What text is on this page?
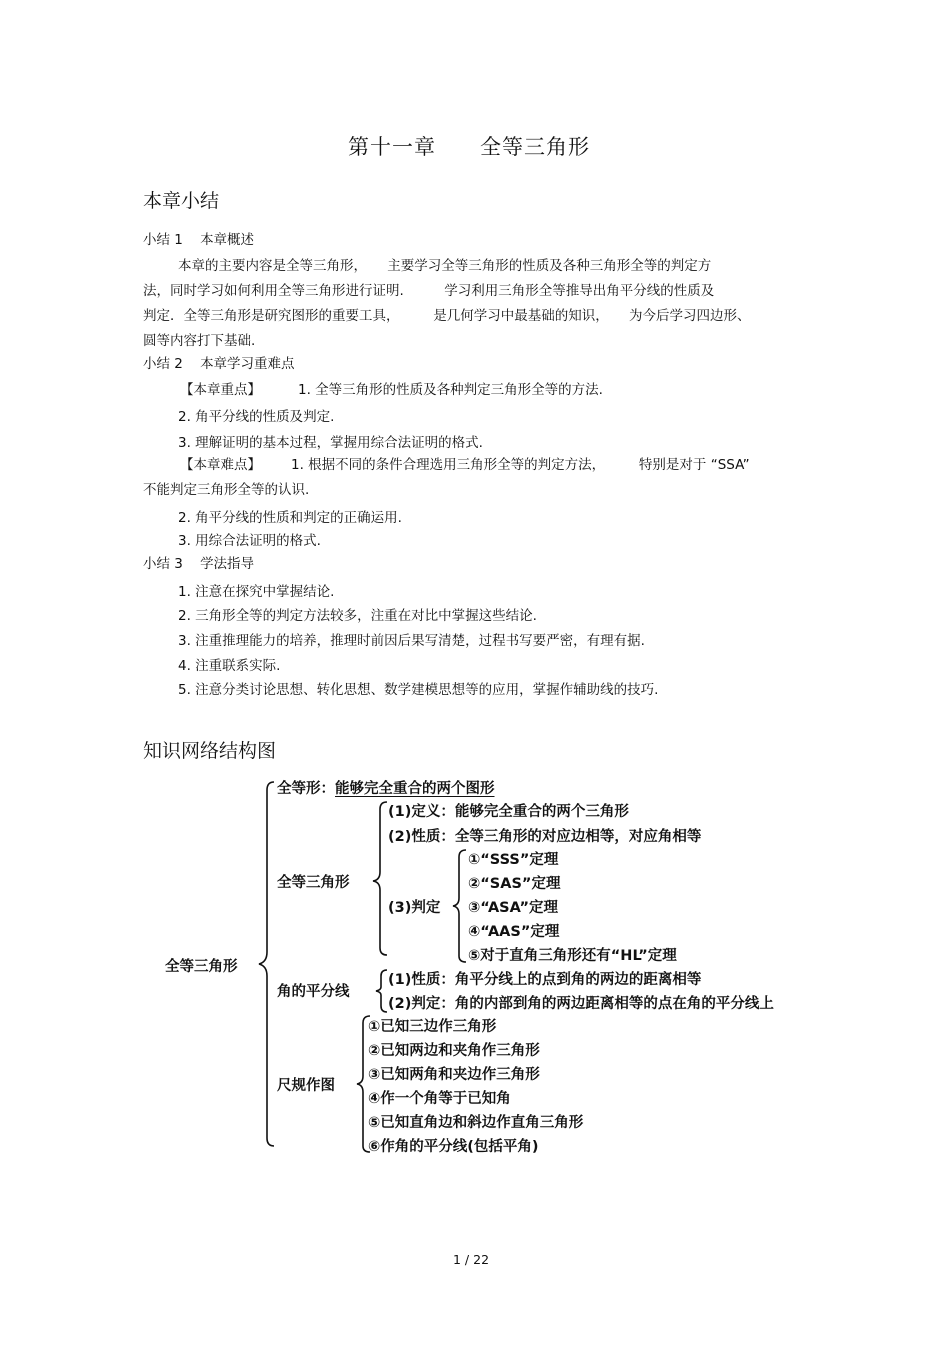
第十一章　　全等三角形
本章小结
小结 1 本章概述
本章的主要内容是全等三角形，　　主要学习全等三角形的性质及各种三角形全等的判定方
法，同时学习如何利用全等三角形进行证明.　　　学习利用三角形全等推导出角平分线的性质及
判定．全等三角形是研究图形的重要工具，　　　是几何学习中最基础的知识，　　为今后学习四边形、
圆等内容打下基础.
小结 2 本章学习重难点
【本章重点】	1. 全等三角形的性质及各种判定三角形全等的方法.
2. 角平分线的性质及判定.
3. 理解证明的基本过程，掌握用综合法证明的格式.
【本章难点】 1. 根据不同的条件合理选用三角形全等的判定方法，　　　特别是对于 “SSA”
不能判定三角形全等的认识.
2. 角平分线的性质和判定的正确运用.
3. 用综合法证明的格式.
小结 3 学法指导
1. 注意在探究中掌握结论.
2. 三角形全等的判定方法较多，注重在对比中掌握这些结论.
3. 注重推理能力的培养，推理时前因后果写清楚，过程书写要严密，有理有据.
4. 注重联系实际.
5. 注意分类讨论思想、转化思想、数学建模思想等的应用，掌握作辅助线的技巧.
知识网络结构图
全等三角形
全等形：能够完全重合的两个图形
全等三角形
(1)定义：能够完全重合的两个三角形
(2)性质：全等三角形的对应边相等，对应角相等
(3)判定
①“SSS”定理
②“SAS”定理
③“ASA”定理
④“AAS”定理
⑤对于直角三角形还有“HL”定理
角的平分线
(1)性质：角平分线上的点到角的两边的距离相等
(2)判定：角的内部到角的两边距离相等的点在角的平分线上
尺规作图
①已知三边作三角形
②已知两边和夹角作三角形
③已知两角和夹边作三角形
④作一个角等于已知角
⑤已知直角边和斜边作直角三角形
⑥作角的平分线(包括平角)
1 / 22
